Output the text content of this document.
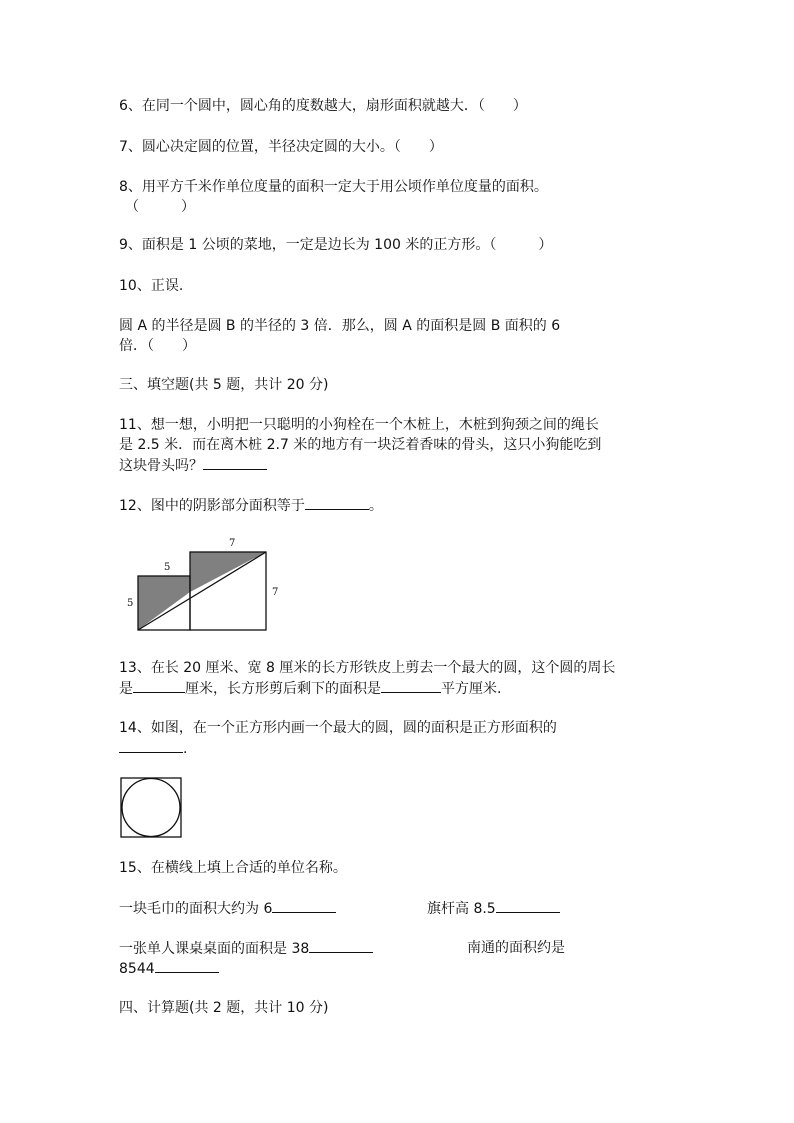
6、在同一个圆中，圆心角的度数越大，扇形面积就越大．（　　）
7、圆心决定圆的位置，半径决定圆的大小。（　　）
8、用平方千米作单位度量的面积一定大于用公顷作单位度量的面积。
（　　　）
9、面积是 1 公顷的菜地，一定是边长为 100 米的正方形。（　　　）
10、正误.
圆 A 的半径是圆 B 的半径的 3 倍．那么，圆 A 的面积是圆 B 面积的 6
倍．（　　）
三、填空题(共 5 题，共计 20 分)
11、想一想，小明把一只聪明的小狗栓在一个木桩上，木桩到狗颈之间的绳长
是 2.5 米．而在离木桩 2.7 米的地方有一块泛着香味的骨头，这只小狗能吃到
这块骨头吗？
12、图中的阴影部分面积等于	。
5
7
5
7
13、在长 20 厘米、宽 8 厘米的长方形铁皮上剪去一个最大的圆，这个圆的周长
是	厘米，长方形剪后剩下的面积是	平方厘米.
14、如图，在一个正方形内画一个最大的圆，圆的面积是正方形面积的
.
15、在横线上填上合适的单位名称。
一块毛巾的面积大约为 6	旗杆高 8.5
一张单人课桌桌面的面积是 38	南通的面积约是
8544
四、计算题(共 2 题，共计 10 分)
